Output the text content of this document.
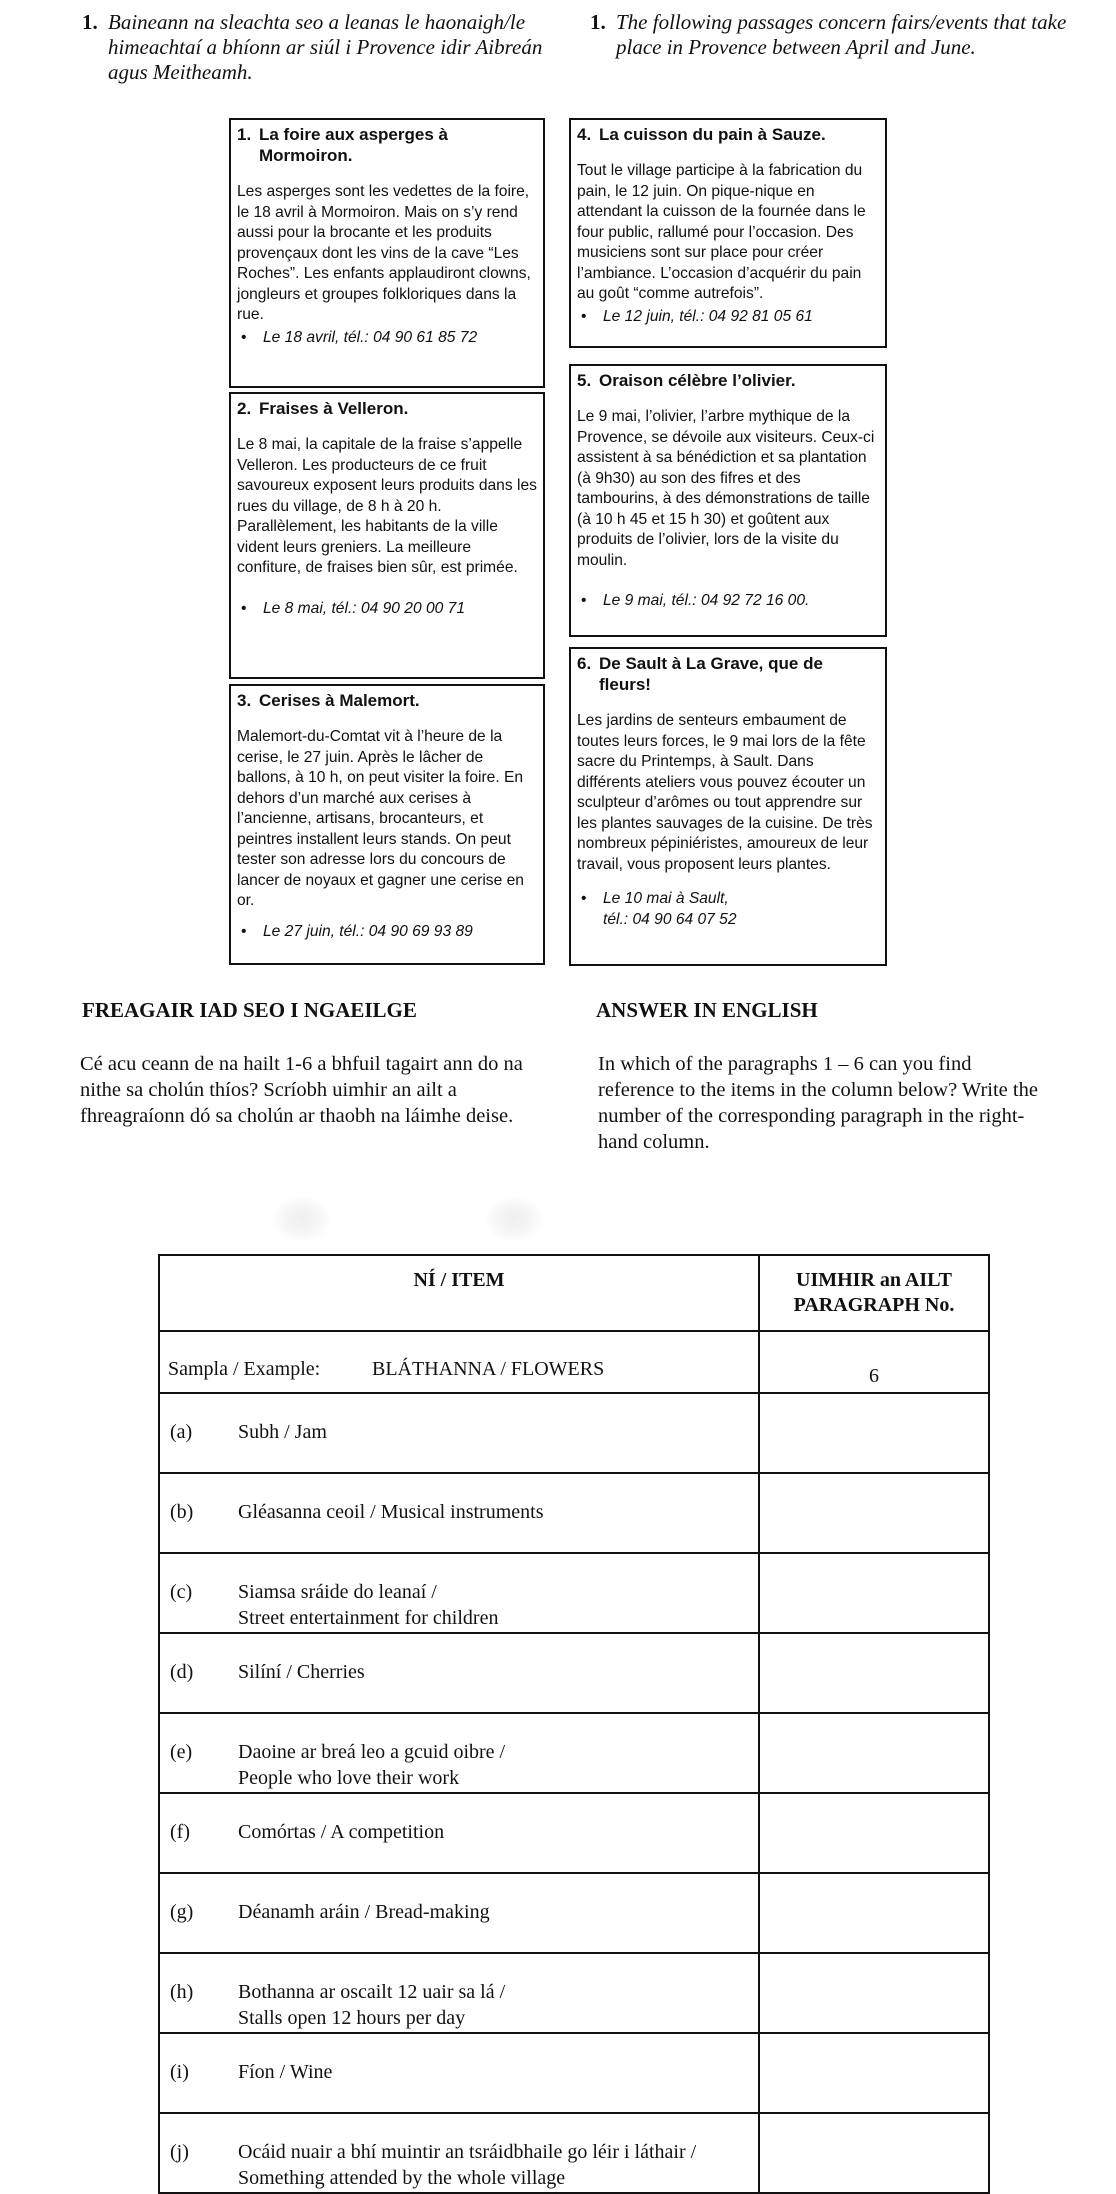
1. Baineann na sleachta seo a leanas le haonaigh/le himeachtaí a bhíonn ar siúl i Provence idir Aibreán agus Meitheamh.
1. The following passages concern fairs/events that take place in Provence between April and June.
1. La foire aux asperges à Mormoiron.

Les asperges sont les vedettes de la foire, le 18 avril à Mormoiron. Mais on s’y rend aussi pour la brocante et les produits provençaux dont les vins de la cave “Les Roches”. Les enfants applaudiront clowns, jongleurs et groupes folkloriques dans la rue.

• Le 18 avril, tél.: 04 90 61 85 72
2. Fraises à Velleron.

Le 8 mai, la capitale de la fraise s’appelle Velleron. Les producteurs de ce fruit savoureux exposent leurs produits dans les rues du village, de 8 h à 20 h. Parallèlement, les habitants de la ville vident leurs greniers. La meilleure confiture, de fraises bien sûr, est primée.

• Le 8 mai, tél.: 04 90 20 00 71
3. Cerises à Malemort.

Malemort-du-Comtat vit à l’heure de la cerise, le 27 juin. Après le lâcher de ballons, à 10 h, on peut visiter la foire. En dehors d’un marché aux cerises à l’ancienne, artisans, brocanteurs, et peintres installent leurs stands. On peut tester son adresse lors du concours de lancer de noyaux et gagner une cerise en or.

• Le 27 juin, tél.: 04 90 69 93 89
4. La cuisson du pain à Sauze.

Tout le village participe à la fabrication du pain, le 12 juin. On pique-nique en attendant la cuisson de la fournée dans le four public, rallumé pour l’occasion. Des musiciens sont sur place pour créer l’ambiance. L’occasion d’acquérir du pain au goût “comme autrefois”.

• Le 12 juin, tél.: 04 92 81 05 61
5. Oraison célèbre l’olivier.

Le 9 mai, l’olivier, l’arbre mythique de la Provence, se dévoile aux visiteurs. Ceux-ci assistent à sa bénédiction et sa plantation (à 9h30) au son des fifres et des tambourins, à des démonstrations de taille (à 10 h 45 et 15 h 30) et goûtent aux produits de l’olivier, lors de la visite du moulin.

• Le 9 mai, tél.: 04 92 72 16 00.
6. De Sault à La Grave, que de fleurs!

Les jardins de senteurs embaument de toutes leurs forces, le 9 mai lors de la fête sacre du Printemps, à Sault. Dans différents ateliers vous pouvez écouter un sculpteur d’arômes ou tout apprendre sur les plantes sauvages de la cuisine. De très nombreux pépiniéristes, amoureux de leur travail, vous proposent leurs plantes.

• Le 10 mai à Sault,
tél.: 04 90 64 07 52
FREAGAIR IAD SEO I NGAEILGE	ANSWER IN ENGLISH
Cé acu ceann de na hailt 1-6 a bhfuil tagairt ann do na nithe sa cholún thíos? Scríobh uimhir an ailt a fhreagraíonn dó sa cholún ar thaobh na láimhe deise.
In which of the paragraphs 1 – 6 can you find reference to the items in the column below? Write the number of the corresponding paragraph in the right-hand column.
NÍ / ITEM	UIMHIR an AILT
PARAGRAPH No.

Sampla / Example: BLÁTHANNA / FLOWERS	6

(a) Subh / Jam	

(b) Gléasanna ceoil / Musical instruments	

(c) Siamsa sráide do leanaí /
Street entertainment for children	

(d) Silíní / Cherries	

(e) Daoine ar breá leo a gcuid oibre /
People who love their work	

(f) Comórtas / A competition	

(g) Déanamh aráin / Bread-making	

(h) Bothanna ar oscailt 12 uair sa lá /
Stalls open 12 hours per day	

(i) Fíon / Wine	

(j) Ocáid nuair a bhí muintir an tsráidbhaile go léir i láthair /
Something attended by the whole village	
